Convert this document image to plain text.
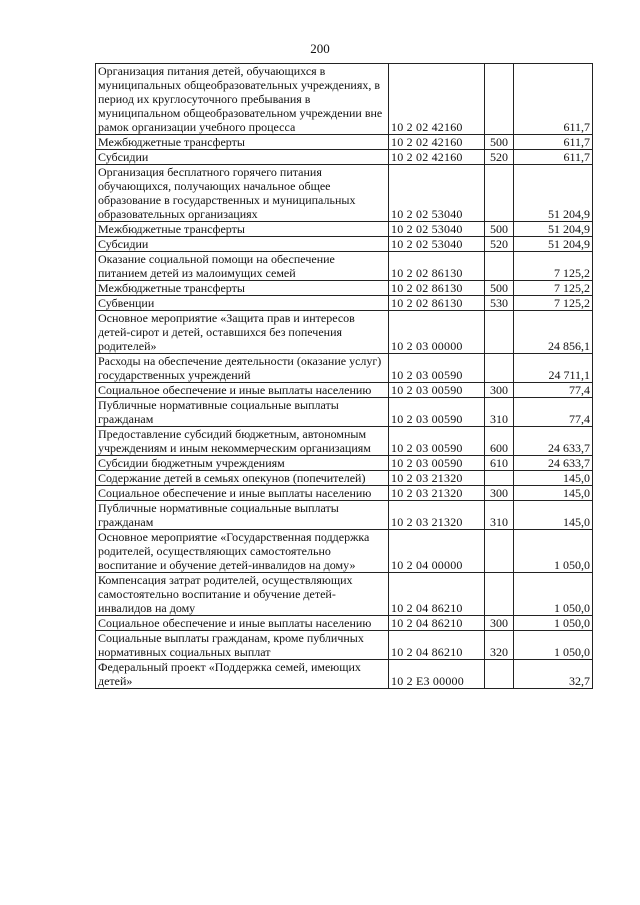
200
Организация питания детей, обучающихся в муниципальных общеобразовательных учреждениях, в период их круглосуточного пребывания в муниципальном общеобразовательном учреждении вне рамок организации учебного процесса	10 2 02 42160		611,7
Межбюджетные трансферты	10 2 02 42160	500	611,7
Субсидии	10 2 02 42160	520	611,7
Организация бесплатного горячего питания обучающихся, получающих начальное общее образование в государственных и муниципальных образовательных организациях	10 2 02 53040		51 204,9
Межбюджетные трансферты	10 2 02 53040	500	51 204,9
Субсидии	10 2 02 53040	520	51 204,9
Оказание социальной помощи на обеспечение питанием детей из малоимущих семей	10 2 02 86130		7 125,2
Межбюджетные трансферты	10 2 02 86130	500	7 125,2
Субвенции	10 2 02 86130	530	7 125,2
Основное мероприятие «Защита прав и интересов детей-сирот и детей, оставшихся без попечения родителей»	10 2 03 00000		24 856,1
Расходы на обеспечение деятельности (оказание услуг) государственных учреждений	10 2 03 00590		24 711,1
Социальное обеспечение и иные выплаты населению	10 2 03 00590	300	77,4
Публичные нормативные социальные выплаты гражданам	10 2 03 00590	310	77,4
Предоставление субсидий бюджетным, автономным учреждениям и иным некоммерческим организациям	10 2 03 00590	600	24 633,7
Субсидии бюджетным учреждениям	10 2 03 00590	610	24 633,7
Содержание детей в семьях опекунов (попечителей)	10 2 03 21320		145,0
Социальное обеспечение и иные выплаты населению	10 2 03 21320	300	145,0
Публичные нормативные социальные выплаты гражданам	10 2 03 21320	310	145,0
Основное мероприятие «Государственная поддержка родителей, осуществляющих самостоятельно воспитание и обучение детей-инвалидов на дому»	10 2 04 00000		1 050,0
Компенсация затрат родителей, осуществляющих самостоятельно воспитание и обучение детей-инвалидов на дому	10 2 04 86210		1 050,0
Социальное обеспечение и иные выплаты населению	10 2 04 86210	300	1 050,0
Социальные выплаты гражданам, кроме публичных нормативных социальных выплат	10 2 04 86210	320	1 050,0
Федеральный проект «Поддержка семей, имеющих детей»	10 2 E3 00000		32,7
